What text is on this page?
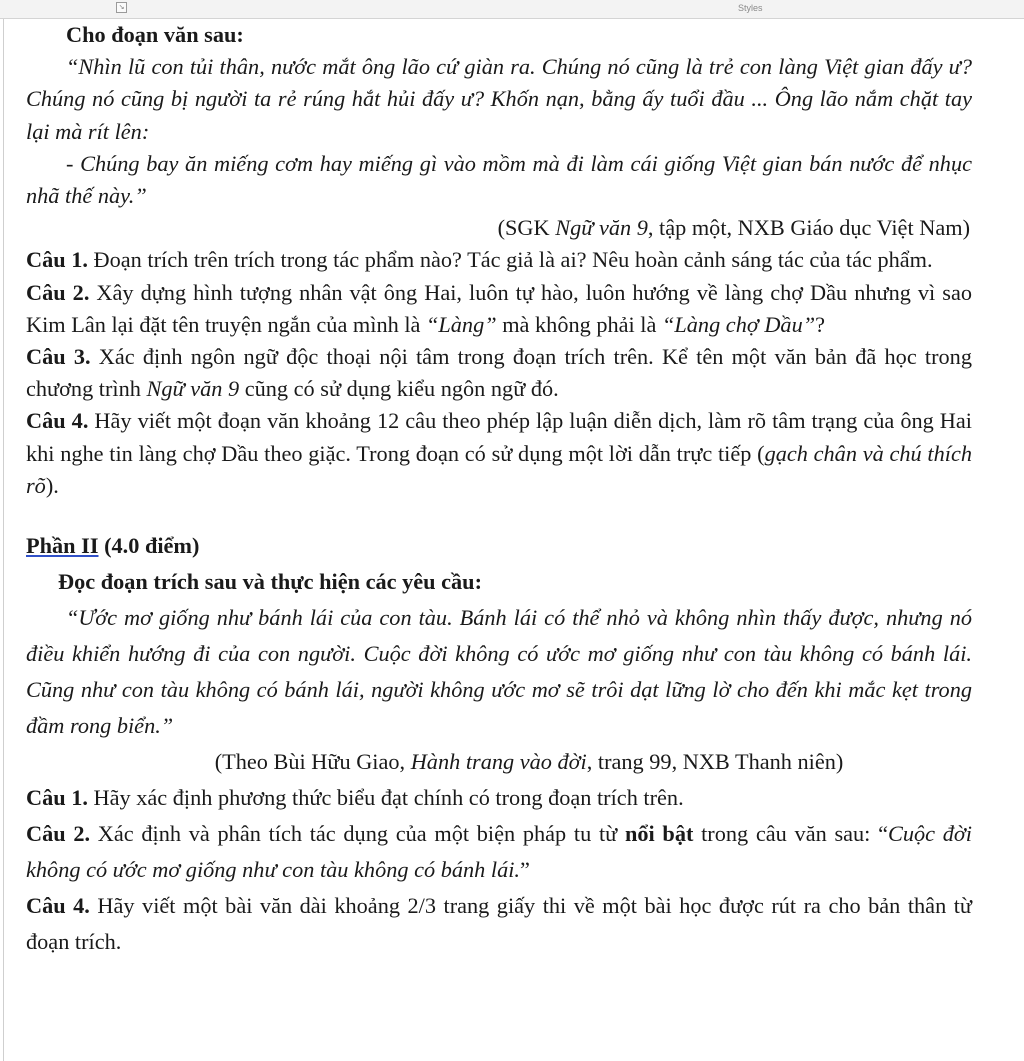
↘	Styles

Cho đoạn văn sau:

“Nhìn lũ con tủi thân, nước mắt ông lão cứ giàn ra. Chúng nó cũng là trẻ con làng Việt gian đấy ư? Chúng nó cũng bị người ta rẻ rúng hắt hủi đấy ư? Khốn nạn, bằng ấy tuổi đầu ... Ông lão nắm chặt tay lại mà rít lên:

- Chúng bay ăn miếng cơm hay miếng gì vào mồm mà đi làm cái giống Việt gian bán nước để nhục nhã thế này.”

(SGK Ngữ văn 9, tập một, NXB Giáo dục Việt Nam)

Câu 1. Đoạn trích trên trích trong tác phẩm nào? Tác giả là ai? Nêu hoàn cảnh sáng tác của tác phẩm.

Câu 2. Xây dựng hình tượng nhân vật ông Hai, luôn tự hào, luôn hướng về làng chợ Dầu nhưng vì sao Kim Lân lại đặt tên truyện ngắn của mình là “Làng” mà không phải là “Làng chợ Dầu”?

Câu 3. Xác định ngôn ngữ độc thoại nội tâm trong đoạn trích trên. Kể tên một văn bản đã học trong chương trình Ngữ văn 9 cũng có sử dụng kiểu ngôn ngữ đó.

Câu 4. Hãy viết một đoạn văn khoảng 12 câu theo phép lập luận diễn dịch, làm rõ tâm trạng của ông Hai khi nghe tin làng chợ Dầu theo giặc. Trong đoạn có sử dụng một lời dẫn trực tiếp (gạch chân và chú thích rõ).

Phần II (4.0 điểm)

Đọc đoạn trích sau và thực hiện các yêu cầu:

“Ước mơ giống như bánh lái của con tàu. Bánh lái có thể nhỏ và không nhìn thấy được, nhưng nó điều khiển hướng đi của con người. Cuộc đời không có ước mơ giống như con tàu không có bánh lái. Cũng như con tàu không có bánh lái, người không ước mơ sẽ trôi dạt lững lờ cho đến khi mắc kẹt trong đầm rong biển.”

(Theo Bùi Hữu Giao, Hành trang vào đời, trang 99, NXB Thanh niên)

Câu 1. Hãy xác định phương thức biểu đạt chính có trong đoạn trích trên.

Câu 2. Xác định và phân tích tác dụng của một biện pháp tu từ nổi bật trong câu văn sau: “Cuộc đời không có ước mơ giống như con tàu không có bánh lái.”

Câu 4. Hãy viết một bài văn dài khoảng 2/3 trang giấy thi về một bài học được rút ra cho bản thân từ đoạn trích.
